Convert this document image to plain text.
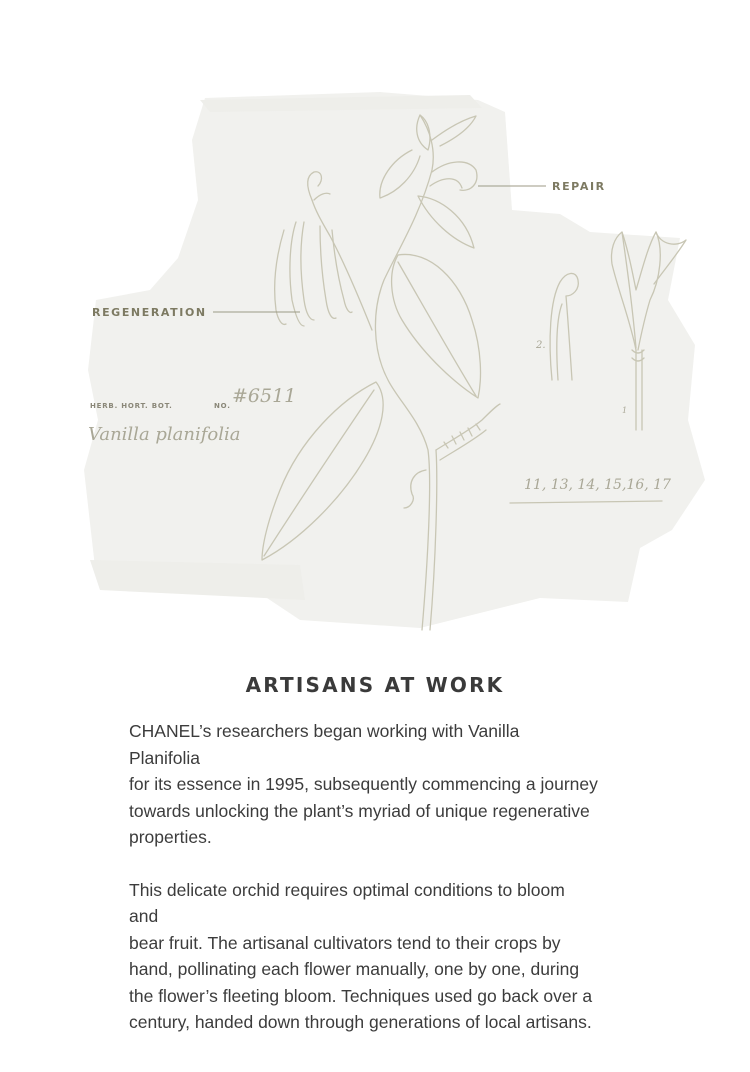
REPAIR
REGENERATION
HERB. HORT. BOT.	NO. #6511
Vanilla planifolia
2.
1
11, 13, 14, 15,16, 17
ARTISANS AT WORK

CHANEL’s researchers began working with Vanilla
Planifolia
for its essence in 1995, subsequently commencing a journey
towards unlocking the plant’s myriad of unique regenerative
properties.

This delicate orchid requires optimal conditions to bloom
and
bear fruit. The artisanal cultivators tend to their crops by
hand, pollinating each flower manually, one by one, during
the flower’s fleeting bloom. Techniques used go back over a
century, handed down through generations of local artisans.
